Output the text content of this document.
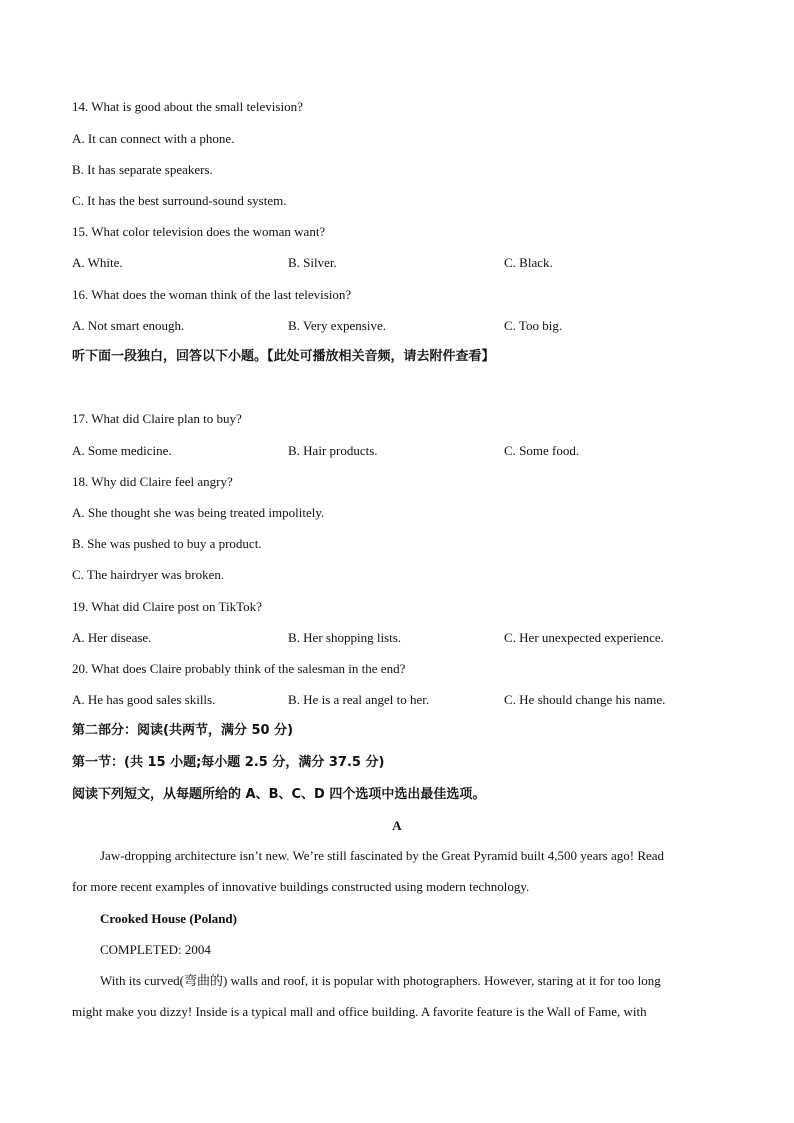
14. What is good about the small television?
A. It can connect with a phone.
B. It has separate speakers.
C. It has the best surround-sound system.
15. What color television does the woman want?
A. White.	B. Silver.	C. Black.
16. What does the woman think of the last television?
A. Not smart enough.	B. Very expensive.	C. Too big.
听下面一段独白，回答以下小题。【此处可播放相关音频，请去附件查看】
17. What did Claire plan to buy?
A. Some medicine.	B. Hair products.	C. Some food.
18. Why did Claire feel angry?
A. She thought she was being treated impolitely.
B. She was pushed to buy a product.
C. The hairdryer was broken.
19. What did Claire post on TikTok?
A. Her disease.	B. Her shopping lists.	C. Her unexpected experience.
20. What does Claire probably think of the salesman in the end?
A. He has good sales skills.	B. He is a real angel to her.	C. He should change his name.
第二部分：阅读(共两节，满分 50 分)
第一节：(共 15 小题;每小题 2.5 分，满分 37.5 分)
阅读下列短文，从每题所给的 A、B、C、D 四个选项中选出最佳选项。
A
Jaw-dropping architecture isn’t new. We’re still fascinated by the Great Pyramid built 4,500 years ago! Read
for more recent examples of innovative buildings constructed using modern technology.
Crooked House (Poland)
COMPLETED: 2004
With its curved(弯曲的) walls and roof, it is popular with photographers. However, staring at it for too long
might make you dizzy! Inside is a typical mall and office building. A favorite feature is the Wall of Fame, with
